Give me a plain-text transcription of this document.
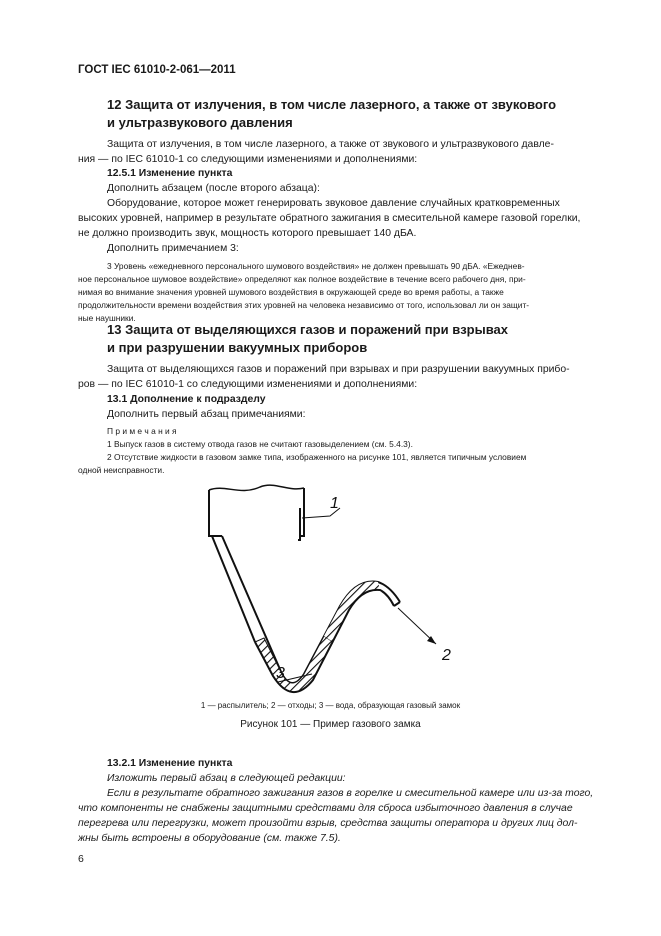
ГОСТ IEC 61010-2-061—2011
12 Защита от излучения, в том числе лазерного, а также от звукового
и ультразвукового давления
Защита от излучения, в том числе лазерного, а также от звукового и ультразвукового давле-
ния — по IEC 61010-1 со следующими изменениями и дополнениями:
12.5.1 Изменение пункта
Дополнить абзацем (после второго абзаца):
Оборудование, которое может генерировать звуковое давление случайных кратковременных
высоких уровней, например в результате обратного зажигания в смесительной камере газовой горелки,
не должно производить звук, мощность которого превышает 140 дБА.
Дополнить примечанием 3:
3 Уровень «ежедневного персонального шумового воздействия» не должен превышать 90 дБА. «Ежеднев-
ное персональное шумовое воздействие» определяют как полное воздействие в течение всего рабочего дня, при-
нимая во внимание значения уровней шумового воздействия в окружающей среде во время работы, а также
продолжительности времени воздействия этих уровней на человека независимо от того, использовал ли он защит-
ные наушники.
13 Защита от выделяющихся газов и поражений при взрывах
и при разрушении вакуумных приборов
Защита от выделяющихся газов и поражений при взрывах и при разрушении вакуумных прибо-
ров — по IEC 61010-1 со следующими изменениями и дополнениями:
13.1 Дополнение к подразделу
Дополнить первый абзац примечаниями:
П р и м е ч а н и я
1 Выпуск газов в систему отвода газов не считают газовыделением (см. 5.4.3).
2 Отсутствие жидкости в газовом замке типа, изображенного на рисунке 101, является типичным условием
одной неисправности.
1
2
3
1 — распылитель; 2 — отходы; 3 — вода, образующая газовый замок
Рисунок 101 — Пример газового замка
13.2.1 Изменение пункта
Изложить первый абзац в следующей редакции:
Если в результате обратного зажигания газов в горелке и смесительной камере или из-за того,
что компоненты не снабжены защитными средствами для сброса избыточного давления в случае
перегрева или перегрузки, может произойти взрыв, средства защиты оператора и других лиц дол-
жны быть встроены в оборудование (см. также 7.5).
6
